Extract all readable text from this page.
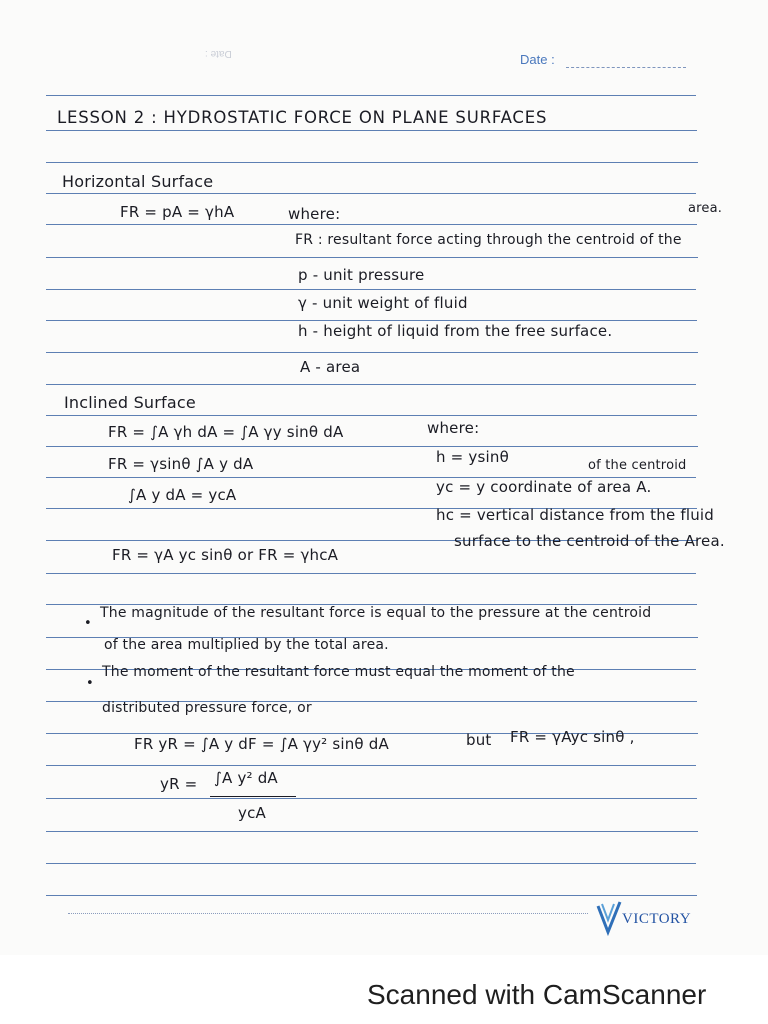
Date :	Date :
LESSON 2 : HYDROSTATIC FORCE ON PLANE SURFACES
Horizontal Surface
FR = pA = γhA	where:	area.
FR : resultant force acting through the centroid of the
p - unit pressure
γ - unit weight of fluid
h - height of liquid from the free surface.
A - area
Inclined Surface
FR = ∫A γh dA = ∫A γy sinθ dA	where:
FR = γsinθ ∫A y dA	h = ysinθ	of the centroid
∫A y dA = ycA	yc = y coordinate of area A.
hc = vertical distance from the fluid
FR = γA yc sinθ or FR = γhcA
surface to the centroid of the Area.
•
The magnitude of the resultant force is equal to the pressure at the centroid
of the area multiplied by the total area.
•
The moment of the resultant force must equal the moment of the
distributed pressure force, or
FR yR = ∫A y dF = ∫A γy² sinθ dA	but FR = γAyc sinθ ,
yR = ∫A y² dA
ycA
VICTORY
Scanned with CamScanner
